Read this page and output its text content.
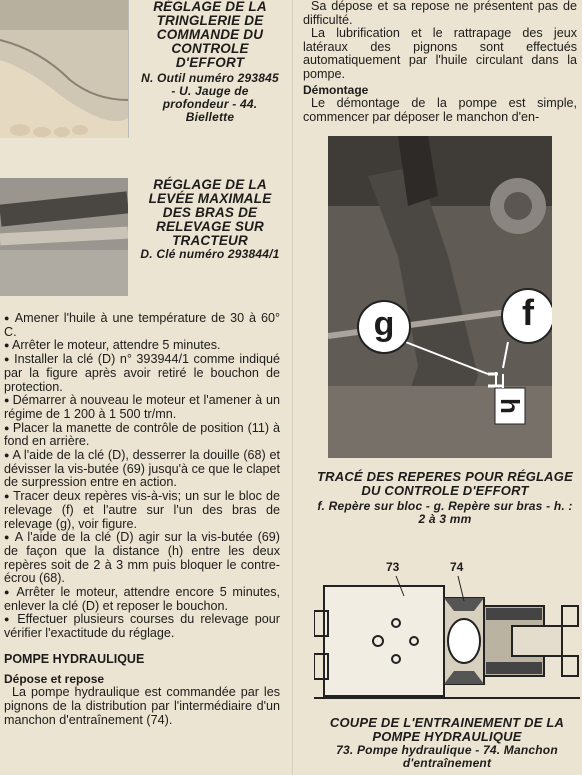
RÉGLAGE DE LA TRINGLERIE DE COMMANDE DU CONTROLE D'EFFORT
N. Outil numéro 293845 - U. Jauge de profondeur - 44. Biellette
RÉGLAGE DE LA LEVÉE MAXIMALE DES BRAS DE RELEVAGE SUR TRACTEUR
D. Clé numéro 293844/1

● Amener l'huile à une température de 30 à 60° C.

● Arrêter le moteur, attendre 5 minutes.

● Installer la clé (D) n° 393944/1 comme indiqué par la figure après avoir retiré le bouchon de protection.

● Démarrer à nouveau le moteur et l'amener à un régime de 1 200 à 1 500 tr/mn.

● Placer la manette de contrôle de position (11) à fond en arrière.

● A l'aide de la clé (D), desserrer la douille (68) et dévisser la vis-butée (69) jusqu'à ce que le clapet de surpression entre en action.

● Tracer deux repères vis-à-vis; un sur le bloc de relevage (f) et l'autre sur l'un des bras de relevage (g), voir figure.

● A l'aide de la clé (D) agir sur la vis-butée (69) de façon que la distance (h) entre les deux repères soit de 2 à 3 mm puis bloquer le contre-écrou (68).

● Arrêter le moteur, attendre encore 5 minutes, enlever la clé (D) et reposer le bouchon.

● Effectuer plusieurs courses du relevage pour vérifier l'exactitude du réglage.

POMPE HYDRAULIQUE

Dépose et repose

La pompe hydraulique est commandée par les pignons de la distribution par l'intermédiaire d'un manchon d'entraînement (74).

Sa dépose et sa repose ne présentent pas de difficulté.

La lubrification et le rattrapage des jeux latéraux des pignons sont effectués automatiquement par l'huile circulant dans la pompe.

Démontage

Le démontage de la pompe est simple, commencer par déposer le manchon d'en-

g	f
h
TRACÉ DES REPERES POUR RÉGLAGE DU CONTROLE D'EFFORT
f. Repère sur bloc - g. Repère sur bras - h. : 2 à 3 mm
73	74
COUPE DE L'ENTRAINEMENT DE LA POMPE HYDRAULIQUE
73. Pompe hydraulique - 74. Manchon d'entraînement
